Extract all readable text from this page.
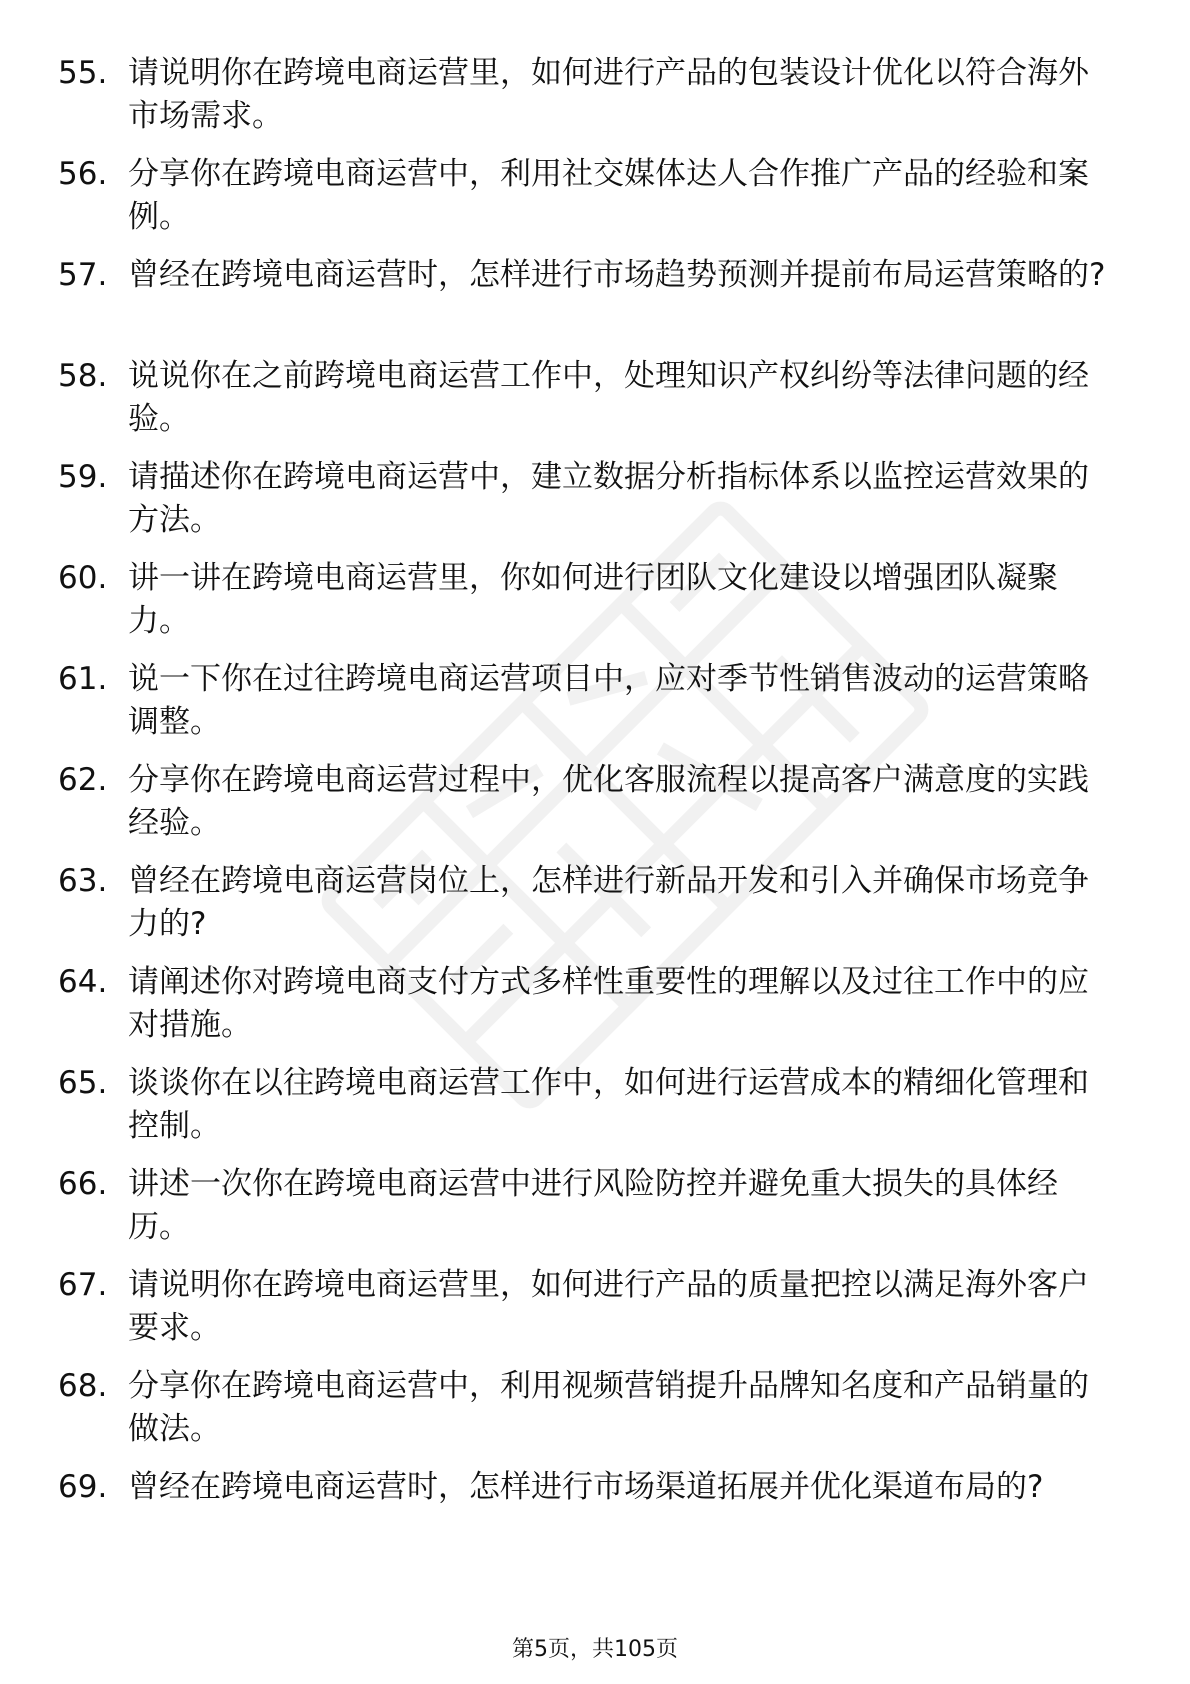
55. 请说明你在跨境电商运营里，如何进行产品的包装设计优化以符合海外市场需求。
56. 分享你在跨境电商运营中，利用社交媒体达人合作推广产品的经验和案例。
57. 曾经在跨境电商运营时，怎样进行市场趋势预测并提前布局运营策略的?
58. 说说你在之前跨境电商运营工作中，处理知识产权纠纷等法律问题的经验。
59. 请描述你在跨境电商运营中，建立数据分析指标体系以监控运营效果的方法。
60. 讲一讲在跨境电商运营里，你如何进行团队文化建设以增强团队凝聚力。
61. 说一下你在过往跨境电商运营项目中，应对季节性销售波动的运营策略调整。
62. 分享你在跨境电商运营过程中，优化客服流程以提高客户满意度的实践经验。
63. 曾经在跨境电商运营岗位上，怎样进行新品开发和引入并确保市场竞争力的?
64. 请阐述你对跨境电商支付方式多样性重要性的理解以及过往工作中的应对措施。
65. 谈谈你在以往跨境电商运营工作中，如何进行运营成本的精细化管理和控制。
66. 讲述一次你在跨境电商运营中进行风险防控并避免重大损失的具体经历。
67. 请说明你在跨境电商运营里，如何进行产品的质量把控以满足海外客户要求。
68. 分享你在跨境电商运营中，利用视频营销提升品牌知名度和产品销量的做法。
69. 曾经在跨境电商运营时，怎样进行市场渠道拓展并优化渠道布局的?
第5页，共105页
